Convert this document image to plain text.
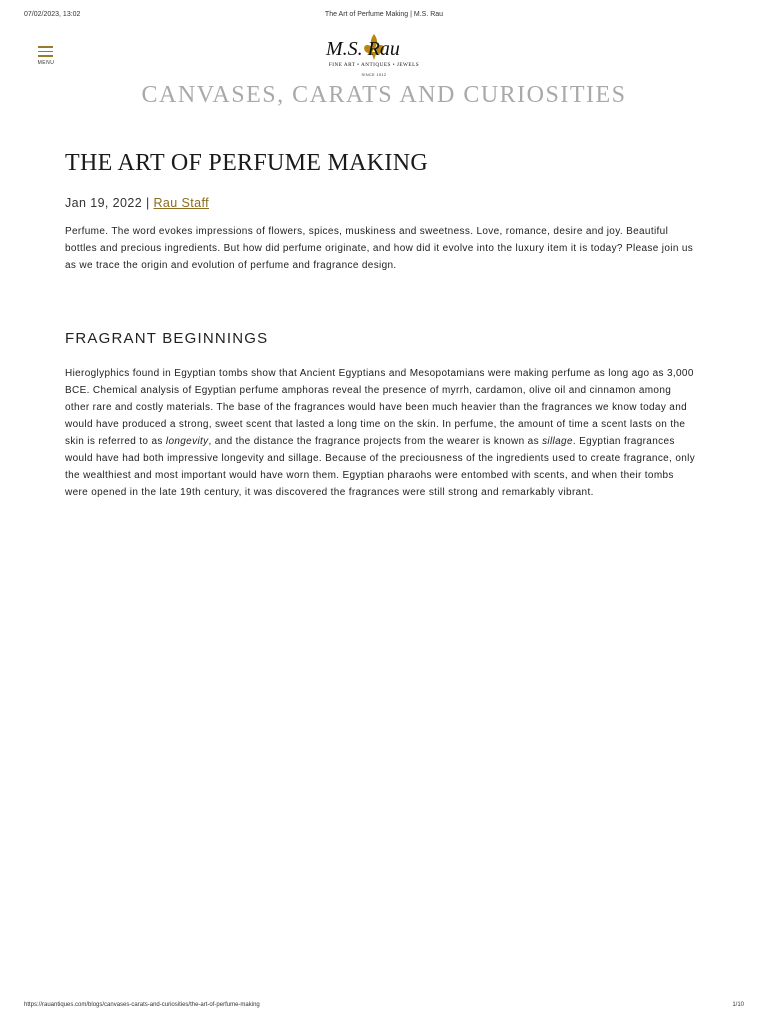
07/02/2023, 13:02	The Art of Perfume Making | M.S. Rau
MENU
M.S. Rau
FINE ART • ANTIQUES • JEWELS
SINCE 1912
CANVASES, CARATS AND CURIOSITIES
THE ART OF PERFUME MAKING
Jan 19, 2022 | Rau Staff

Perfume. The word evokes impressions of flowers, spices, muskiness and sweetness. Love, romance, desire and joy. Beautiful bottles and precious ingredients. But how did perfume originate, and how did it evolve into the luxury item it is today? Please join us as we trace the origin and evolution of perfume and fragrance design.

FRAGRANT BEGINNINGS

Hieroglyphics found in Egyptian tombs show that Ancient Egyptians and Mesopotamians were making perfume as long ago as 3,000 BCE. Chemical analysis of Egyptian perfume amphoras reveal the presence of myrrh, cardamon, olive oil and cinnamon among other rare and costly materials. The base of the fragrances would have been much heavier than the fragrances we know today and would have produced a strong, sweet scent that lasted a long time on the skin. In perfume, the amount of time a scent lasts on the skin is referred to as longevity, and the distance the fragrance projects from the wearer is known as sillage. Egyptian fragrances would have had both impressive longevity and sillage. Because of the preciousness of the ingredients used to create fragrance, only the wealthiest and most important would have worn them. Egyptian pharaohs were entombed with scents, and when their tombs were opened in the late 19th century, it was discovered the fragrances were still strong and remarkably vibrant.

https://rauantiques.com/blogs/canvases-carats-and-curiosities/the-art-of-perfume-making	1/10
